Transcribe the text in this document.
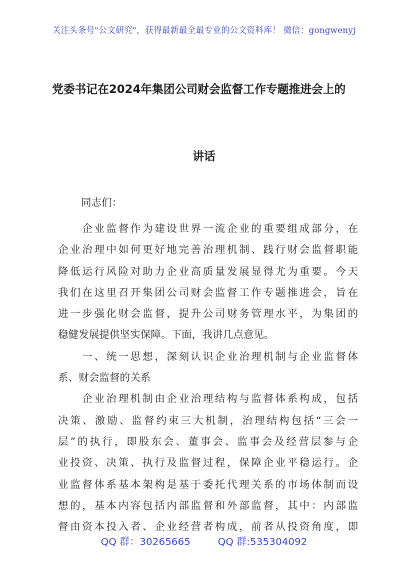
关注头条号"公文研究"，获得最新最全最专业的公文资料库！ 微信：gongwenyj
党委书记在2024年集团公司财会监督工作专题推进会上的
讲话
同志们：
　　企业监督作为建设世界一流企业的重要组成部分，在
企业治理中如何更好地完善治理机制、践行财会监督职能
降低运行风险对助力企业高质量发展显得尤为重要。今天
我们在这里召开集团公司财会监督工作专题推进会，旨在
进一步强化财会监督，提升公司财务管理水平，为集团的
稳健发展提供坚实保障。下面，我讲几点意见。
　　一、统一思想，深刻认识企业治理机制与企业监督体
系、财会监督的关系
　　企业治理机制由企业治理结构与监督体系构成，包括
决策、激励、监督约束三大机制，治理结构包括“三会一
层”的执行，即股东会、董事会、监事会及经营层参与企
业投资、决策、执行及监督过程，保障企业平稳运行。企
业监督体系基本架构是基于委托代理关系的市场体制而设
想的，基本内容包括内部监督和外部监督，其中：内部监
督由资本投入者、企业经营者构成，前者从投资角度，即
QQ 群：30265665	QQ 群:535304092
